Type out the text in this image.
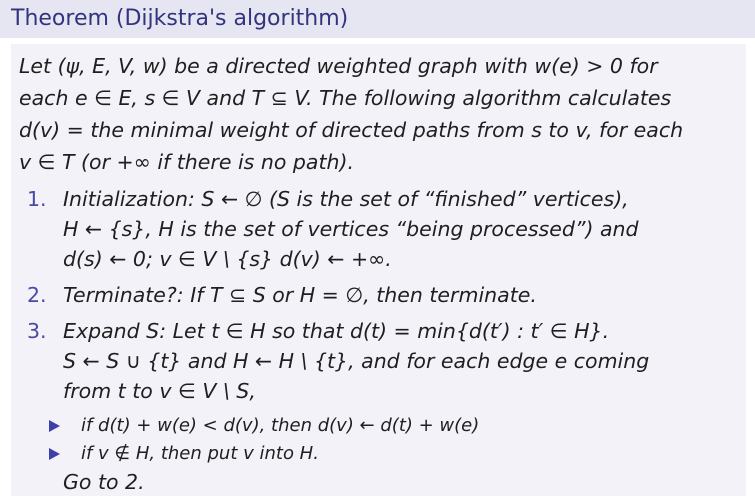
Theorem (Dijkstra's algorithm)
Let (ψ, E, V, w) be a directed weighted graph with w(e) > 0 for
each e ∈ E, s ∈ V and T ⊆ V. The following algorithm calculates
d(v) = the minimal weight of directed paths from s to v, for each
v ∈ T (or +∞ if there is no path).
1. Initialization: S ← ∅ (S is the set of “finished” vertices),
H ← {s}, H is the set of vertices “being processed”) and
d(s) ← 0; v ∈ V \ {s} d(v) ← +∞.
2. Terminate?: If T ⊆ S or H = ∅, then terminate.
3. Expand S: Let t ∈ H so that d(t) = min{d(t′) : t′ ∈ H}.
S ← S ∪ {t} and H ← H \ {t}, and for each edge e coming
from t to v ∈ V \ S,
if d(t) + w(e) < d(v), then d(v) ← d(t) + w(e)
if v ∉ H, then put v into H.
Go to 2.
